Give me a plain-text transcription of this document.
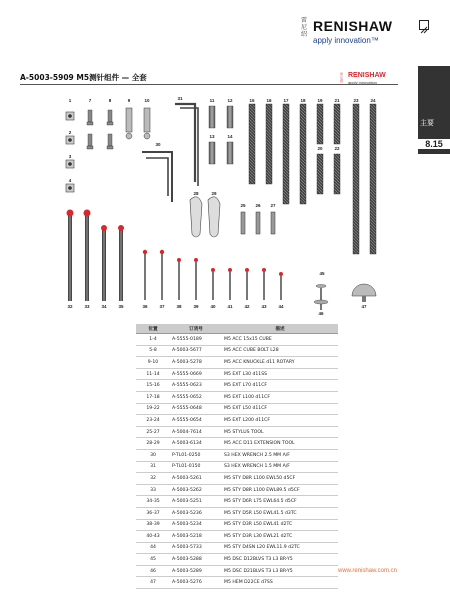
雷尼绍
RENISHAW
apply innovation™
主要
8.15
A-5003-5909 M5测针组件 — 全套	雷尼绍
RENISHAW
apply innovation
1	7	8	9	10	31	11	12	15	16	17	18	19	21	23	24
2
3
4
13	14
30
20	22
28	29
25	26	27
45
32	33	34	35	36	37	38	39	40	41	42	43	44
46
47
位置	订货号	描述
1-4	A-5555-0189	M5 ACC 15x15 CUBE
5-8	A-5003-5677	M5 ACC CUBE BOLT L28
9-10	A-5003-5278	M5 ACC KNUCKLE d11 ROTARY
11-14	A-5555-0669	M5 EXT L30 d11SS
15-16	A-5555-0623	M5 EXT L70 d11CF
17-18	A-5555-0652	M5 EXT L100 d11CF
19-22	A-5555-0648	M5 EXT L50 d11CF
23-24	A-5555-0654	M5 EXT L200 d11CF
25-27	A-5004-7614	M5 STYLUS TOOL
28-29	A-5003-6134	M5 ACC D11 EXTENSION TOOL
30	P-TL01-0250	S3 HEX WRENCH 2.5 MM A/F
31	P-TL01-0150	S3 HEX WRENCH 1.5 MM A/F
32	A-5003-5261	M5 STY D8R L100 EWL50 d5CF
33	A-5003-5262	M5 STY D8R L100 EWL89.5 d5CF
34-35	A-5003-5251	M5 STY D6R L75 EWL64.5 d5CF
36-37	A-5003-5236	M5 STY D5R L50 EWL41.5 d3TC
38-39	A-5003-5234	M5 STY D3R L50 EWL41 d2TC
40-43	A-5003-5218	M5 STY D3R L30 EWL21 d2TC
44	A-5003-5733	M5 STY D4SN L20 EWL11.9 d2TC
45	A-5003-5288	M5 DSC D12BLVS T3 L3 BR-Y5
46	A-5003-5289	M5 DSC D21BLVS T3 L3 BR-Y5
47	A-5003-5276	M5 HEM D22CE d7SS
www.renishaw.com.cn
